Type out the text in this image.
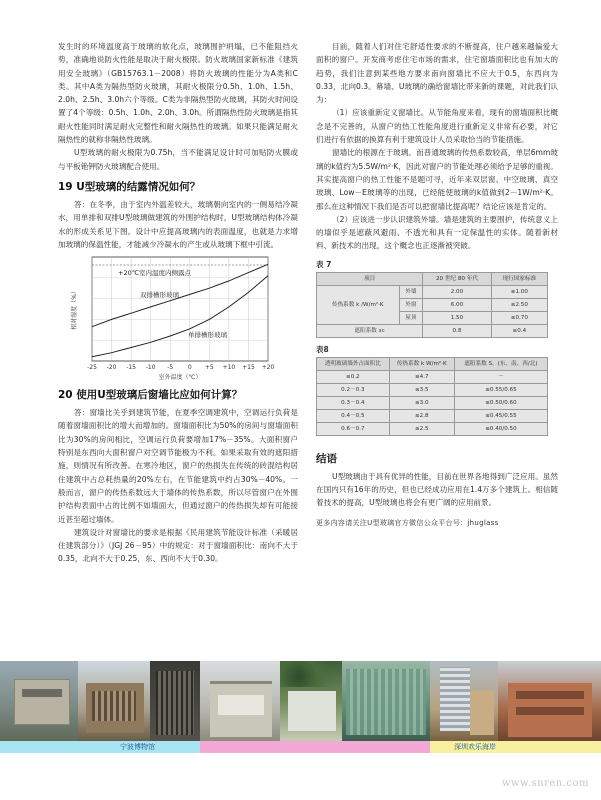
发生时的环境温度高于玻璃的软化点，玻璃围护坍塌，已不能阻挡火势，准确地说防火性能是取决于耐火极限。防火玻璃国家新标准《建筑用安全玻璃》（GB15763.1－2008）将防火玻璃的性能分为A类和C类。其中A类为隔热型防火玻璃，其耐火极限分0.5h、1.0h、1.5h、2.0h、2.5h、3.0h六个等级。C类为非隔热型防火玻璃，其防火时间设置了4个等级：0.5h、1.0h、2.0h、3.0h。所谓隔热性防火玻璃是指其耐火性能同时满足耐火完整性和耐火隔热性的玻璃。如果只能满足耐火隔热性的就称非隔热性玻璃。

U型玻璃的耐火极限为0.75h，当不能满足设计时可加贴防火膜或与平板铯钾防火玻璃配合使用。

19 U型玻璃的结露情况如何？

答：在冬季，由于室内外温差较大，玻璃朝向室内的一侧易结冷凝水，用单排和双排U型玻璃做建筑的外围护结构时，U型玻璃结构体冷凝水的形成关系见下图。设计中应提高玻璃内的表面温度，也就是力求增加玻璃的保温性能，才能减少冷凝水的产生或从玻璃下框中引流。

+20℃室内温度内侧露点
-25 -20 -15 -10 -5 0 +5 +10 +15 +20
室外温度（℃）
相对湿度（%）	双排槽形玻璃
单排槽形玻璃
20 使用U型玻璃后窗墙比应如何计算？

答：窗墙比关乎到建筑节能，在夏季空调建筑中，空调运行负荷是随着窗墙面积比的增大而增加的。窗墙面积比为50%的房间与窗墙面积比为30%的房间相比，空调运行负荷要增加17%－35%。大面积窗户特别是东西向大面积窗户对空调节能极为不利。如果采取有效的遮阳措施，则情况有所改善。在寒冷地区，窗户的热损失在传统的砖混结构居住建筑中占总耗热量的20%左右，在节能建筑中约占30%－40%。一般而言，窗户的传热系数远大于墙体的传热系数，所以尽管窗户在外围护结构表面中占的比例不如墙面大，但通过窗户的传热损失却有可能接近甚至超过墙体。

建筑设计对窗墙比的要求是根据《民用建筑节能设计标准（采暖居住建筑部分）》（JGJ 26－95）中的规定：对于窗墙面积比：南向不大于0.35，北向不大于0.25，东、西向不大于0.30。

目前，随着人们对住宅舒适性要求的不断提高，住户越来越偏爱大面积的窗户。开发商考虑住宅市场的需求，住宅窗墙面积比也有加大的趋势，我们注意到某些地方要求南向窗墙比不应大于0.5，东西向为0.33，北向0.3。幕墙、U玻璃的确给窗墙比带来新的课题，对此我们认为：

（1）应该重新定义窗墙比。从节能角度来看，现有的窗墙面积比概念是不完善的，从窗户的热工性能角度进行重新定义非常有必要，对它们进行有依据的换算有利于建筑设计人员采取恰当的节能措施。

窗墙比的根源在于玻璃。而普通玻璃的传热系数较高，单层6mm玻璃的k值约为5.5W/m²·K，因此对窗户的节能处理必须给予足够的重视。其实提高窗户的热工性能不是题可寻，近年来双层窗、中空玻璃、真空玻璃、Low－E玻璃等的出现，已经能使玻璃的k值做到2－1W/m²·K。那么在这种情况下我们是否可以把窗墙比提高呢？结论应该是肯定的。

（2）应该进一步认识建筑外墙。墙是建筑的主要围护，传统意义上的墙似乎是遮蔽风避雨、不透光和具有一定保温性的实体。随着新材料、新技术的出现，这个概念也正逐渐被突破。

表 7
项目		20 世纪 80 年代	现行国家标准
传热系数 k /W/m²·K	外墙	2.00	≤1.00
	外窗	6.00	≤2.50
	屋顶	1.50	≤0.70
遮阳系数 sc		0.8	≤0.4
表8
透明玻璃墙外占面积比	传热系数 k W/m²·K	遮阳系数 S。(东、南、西/北)
≤0.2	≤4.7	－
0.2－0.3	≤3.5	≤0.55/0.65
0.3－0.4	≤3.0	≤0.50/0.60
0.4－0.5	≤2.8	≤0.45/0.55
0.6－0.7	≤2.5	≤0.40/0.50
结语

U型玻璃由于具有优异的性能，目前在世界各地得到广泛应用。虽然在国内只有16年的历史，但也已经成功应用在1.4万多个建筑上。相信随着技术的提高，U型玻璃也将会有更广阔的应用前景。

更多内容请关注U型玻璃官方微信公众平台号：jhuglass
宁波博物馆	深圳欢乐海岸
www.snren.com
